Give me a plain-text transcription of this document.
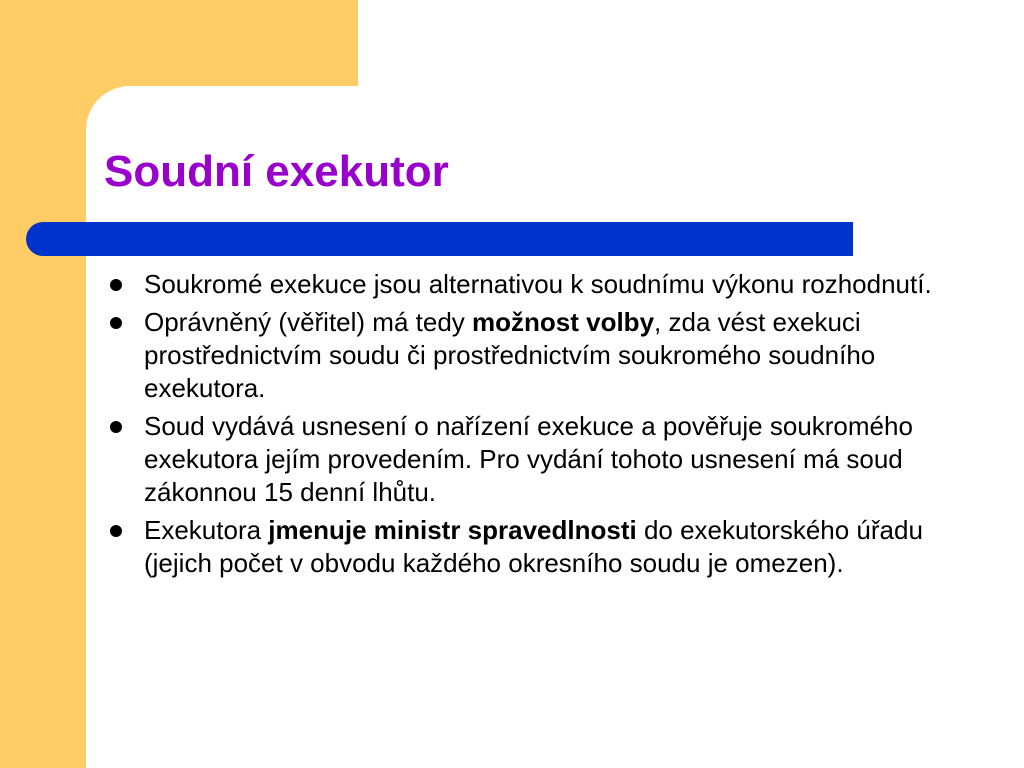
Soudní exekutor
Soukromé exekuce jsou alternativou k soudnímu výkonu rozhodnutí.
Oprávněný (věřitel) má tedy možnost volby, zda vést exekuci prostřednictvím soudu či prostřednictvím soukromého soudního exekutora.
Soud vydává usnesení o nařízení exekuce a pověřuje soukromého exekutora jejím provedením. Pro vydání tohoto usnesení má soud zákonnou 15 denní lhůtu.
Exekutora jmenuje ministr spravedlnosti do exekutorského úřadu (jejich počet v obvodu každého okresního soudu je omezen).
